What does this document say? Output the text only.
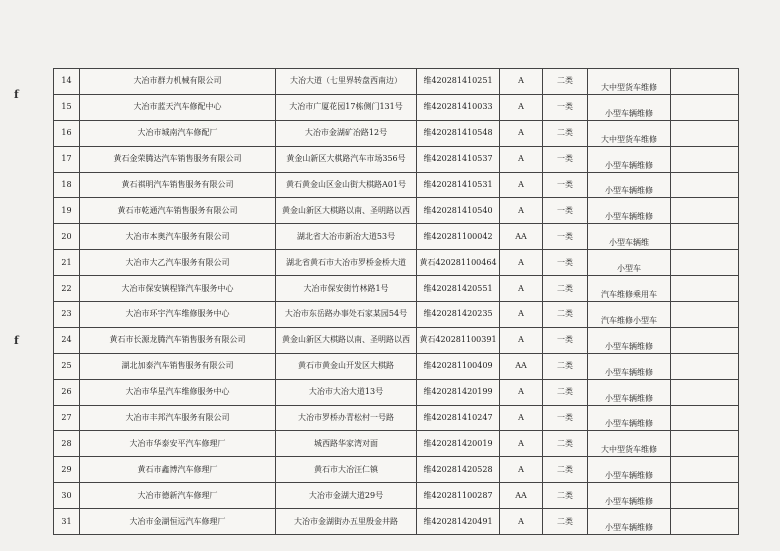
f
f
14	大冶市群力机械有限公司	大冶大道（七里界转盘西南边）	维420281410251	A	二类	大中型货车维修	
15	大冶市蓝天汽车修配中心	大冶市广厦花园17栋侧门131号	维420281410033	A	一类	小型车辆维修	
16	大冶市城南汽车修配厂	大冶市金湖矿冶路12号	维420281410548	A	二类	大中型货车维修	
17	黄石金荣腾达汽车销售服务有限公司	黄金山新区大棋路汽车市场356号	维420281410537	A	一类	小型车辆维修	
18	黄石祺明汽车销售服务有限公司	黄石黄金山区金山街大棋路A01号	维420281410531	A	一类	小型车辆维修	
19	黄石市乾通汽车销售服务有限公司	黄金山新区大棋路以南、圣明路以西	维420281410540	A	一类	小型车辆维修	
20	大冶市本奥汽车服务有限公司	湖北省大冶市新冶大道53号	维420281100042	AA	一类	小型车辆维	
21	大冶市大乙汽车服务有限公司	湖北省黄石市大冶市罗桥金桥大道	黄石420281100464	A	一类	小型车	
22	大冶市保安镇程锋汽车服务中心	大冶市保安街竹林路1号	维420281420551	A	二类	汽车维修乘用车	
23	大冶市环宇汽车维修服务中心	大冶市东岳路办事处石家某园54号	维420281420235	A	二类	汽车维修小型车	
24	黄石市长源龙腾汽车销售服务有限公司	黄金山新区大棋路以南、圣明路以西	黄石420281100391	A	一类	小型车辆维修	
25	湖北加泰汽车销售服务有限公司	黄石市黄金山开发区大棋路	维420281100409	AA	二类	小型车辆维修	
26	大冶市华星汽车维修服务中心	大冶市大冶大道13号	维420281420199	A	二类	小型车辆维修	
27	大冶市丰邦汽车服务有限公司	大冶市罗桥办青松村一号路	维420281410247	A	一类	小型车辆维修	
28	大冶市华泰安平汽车修理厂	城西路华家湾对面	维420281420019	A	二类	大中型货车维修	
29	黄石市鑫博汽车修理厂	黄石市大冶汪仁镇	维420281420528	A	二类	小型车辆维修	
30	大冶市德新汽车修理厂	大冶市金湖大道29号	维420281100287	AA	二类	小型车辆维修	
31	大冶市金湖恒远汽车修理厂	大冶市金湖街办五里殷金井路	维420281420491	A	二类	小型车辆维修	
